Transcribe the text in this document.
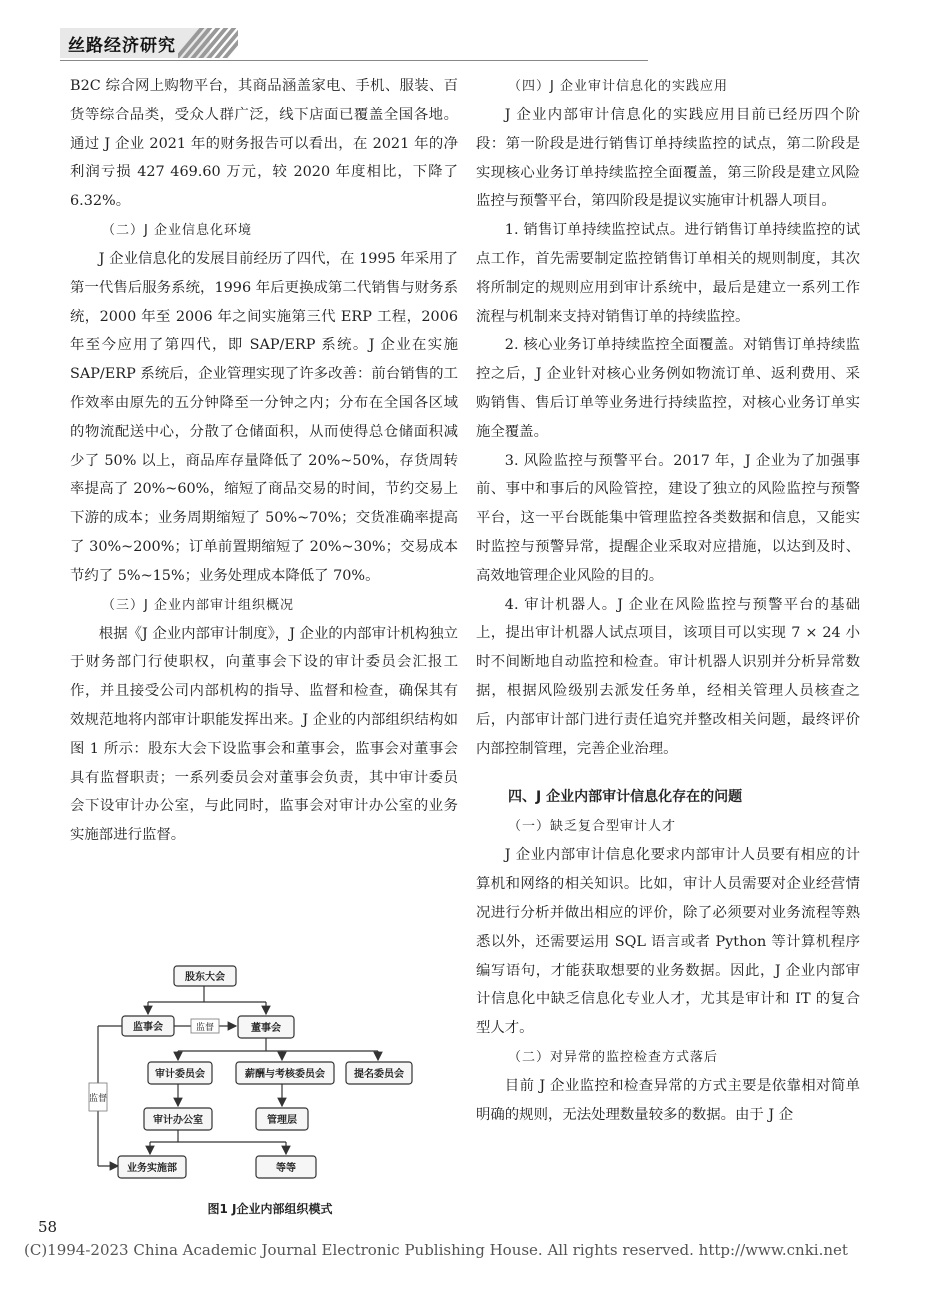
丝路经济研究

B2C 综合网上购物平台，其商品涵盖家电、手机、服装、百货等综合品类，受众人群广泛，线下店面已覆盖全国各地。通过 J 企业 2021 年的财务报告可以看出，在 2021 年的净利润亏损 427 469.60 万元，较 2020 年度相比，下降了 6.32%。

（二）J 企业信息化环境

J 企业信息化的发展目前经历了四代，在 1995 年采用了第一代售后服务系统，1996 年后更换成第二代销售与财务系统，2000 年至 2006 年之间实施第三代 ERP 工程，2006 年至今应用了第四代，即 SAP/ERP 系统。J 企业在实施 SAP/ERP 系统后，企业管理实现了许多改善：前台销售的工作效率由原先的五分钟降至一分钟之内；分布在全国各区域的物流配送中心，分散了仓储面积，从而使得总仓储面积减少了 50% 以上，商品库存量降低了 20%~50%，存货周转率提高了 20%~60%，缩短了商品交易的时间，节约交易上下游的成本；业务周期缩短了 50%~70%；交货准确率提高了 30%~200%；订单前置期缩短了 20%~30%；交易成本节约了 5%~15%；业务处理成本降低了 70%。

（三）J 企业内部审计组织概况

根据《J 企业内部审计制度》，J 企业的内部审计机构独立于财务部门行使职权，向董事会下设的审计委员会汇报工作，并且接受公司内部机构的指导、监督和检查，确保其有效规范地将内部审计职能发挥出来。J 企业的内部组织结构如图 1 所示：股东大会下设监事会和董事会，监事会对董事会具有监督职责；一系列委员会对董事会负责，其中审计委员会下设审计办公室，与此同时，监事会对审计办公室的业务实施部进行监督。

（四）J 企业审计信息化的实践应用

J 企业内部审计信息化的实践应用目前已经历四个阶段：第一阶段是进行销售订单持续监控的试点，第二阶段是实现核心业务订单持续监控全面覆盖，第三阶段是建立风险监控与预警平台，第四阶段是提议实施审计机器人项目。

1. 销售订单持续监控试点。进行销售订单持续监控的试点工作，首先需要制定监控销售订单相关的规则制度，其次将所制定的规则应用到审计系统中，最后是建立一系列工作流程与机制来支持对销售订单的持续监控。

2. 核心业务订单持续监控全面覆盖。对销售订单持续监控之后，J 企业针对核心业务例如物流订单、返利费用、采购销售、售后订单等业务进行持续监控，对核心业务订单实施全覆盖。

3. 风险监控与预警平台。2017 年，J 企业为了加强事前、事中和事后的风险管控，建设了独立的风险监控与预警平台，这一平台既能集中管理监控各类数据和信息，又能实时监控与预警异常，提醒企业采取对应措施，以达到及时、高效地管理企业风险的目的。

4. 审计机器人。J 企业在风险监控与预警平台的基础上，提出审计机器人试点项目，该项目可以实现 7 × 24 小时不间断地自动监控和检查。审计机器人识别并分析异常数据，根据风险级别去派发任务单，经相关管理人员核查之后，内部审计部门进行责任追究并整改相关问题，最终评价内部控制管理，完善企业治理。

四、J 企业内部审计信息化存在的问题

（一）缺乏复合型审计人才

J 企业内部审计信息化要求内部审计人员要有相应的计算机和网络的相关知识。比如，审计人员需要对企业经营情况进行分析并做出相应的评价，除了必须要对业务流程等熟悉以外，还需要运用 SQL 语言或者 Python 等计算机程序编写语句，才能获取想要的业务数据。因此，J 企业内部审计信息化中缺乏信息化专业人才，尤其是审计和 IT 的复合型人才。

（二）对异常的监控检查方式落后

目前 J 企业监控和检查异常的方式主要是依靠相对简单明确的规则，无法处理数量较多的数据。由于 J 企

股东大会
监事会	董事会
审计委员会	薪酬与考核委员会	提名委员会
审计办公室	管理层
业务实施部	等等
监督
监督
图1 J企业内部组织模式
58
(C)1994-2023 China Academic Journal Electronic Publishing House. All rights reserved. http://www.cnki.net
